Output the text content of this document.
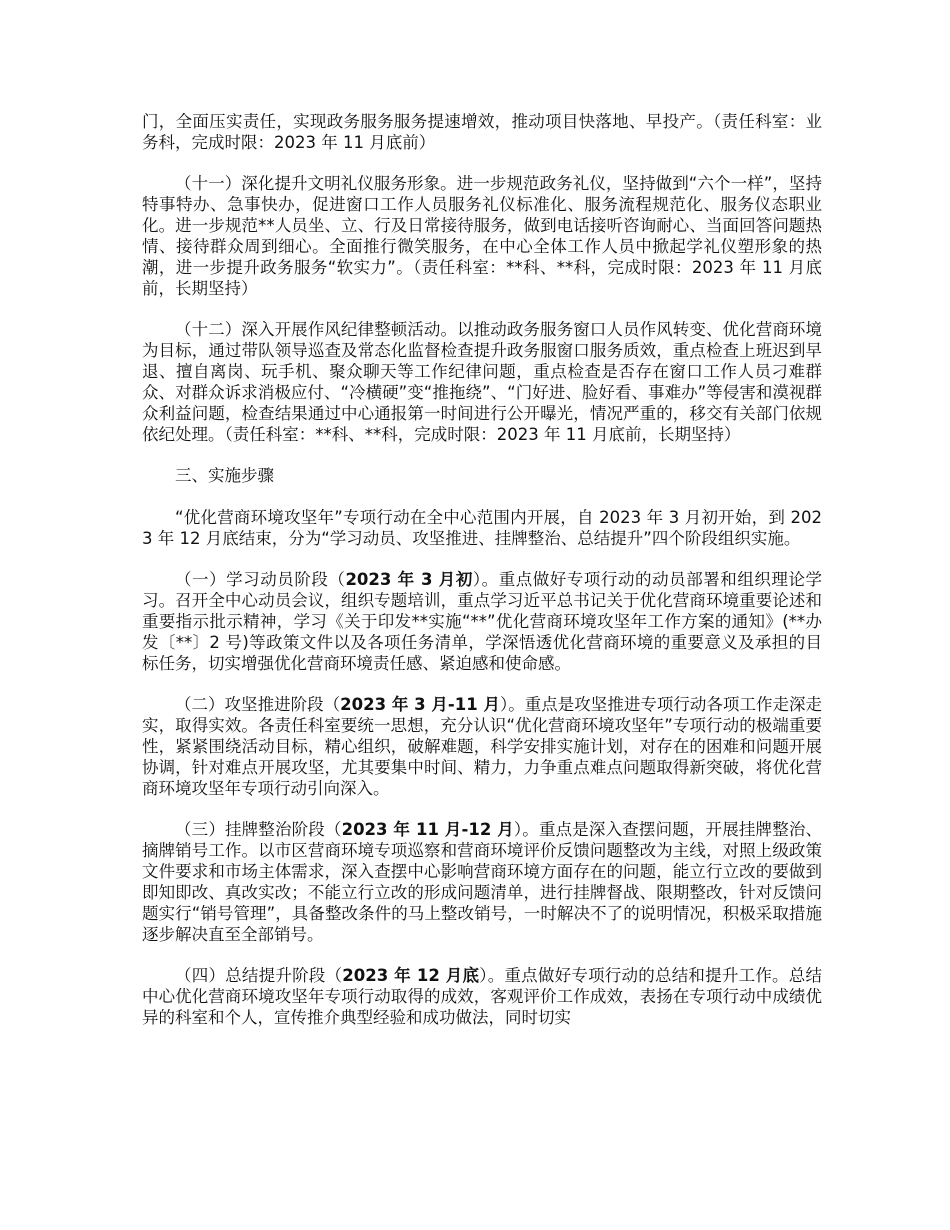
门，全面压实责任，实现政务服务服务提速增效，推动项目快落地、早投产。（责任科室：业务科，完成时限：2023 年 11 月底前）

（十一）深化提升文明礼仪服务形象。进一步规范政务礼仪，坚持做到“六个一样”，坚持特事特办、急事快办，促进窗口工作人员服务礼仪标准化、服务流程规范化、服务仪态职业化。进一步规范**人员坐、立、行及日常接待服务，做到电话接听咨询耐心、当面回答问题热情、接待群众周到细心。全面推行微笑服务，在中心全体工作人员中掀起学礼仪塑形象的热潮，进一步提升政务服务“软实力”。（责任科室：**科、**科，完成时限：2023 年 11 月底前，长期坚持）

（十二）深入开展作风纪律整顿活动。以推动政务服务窗口人员作风转变、优化营商环境为目标，通过带队领导巡查及常态化监督检查提升政务服窗口服务质效，重点检查上班迟到早退、擅自离岗、玩手机、聚众聊天等工作纪律问题，重点检查是否存在窗口工作人员刁难群众、对群众诉求消极应付、“冷横硬”变“推拖绕”、“门好进、脸好看、事难办”等侵害和漠视群众利益问题，检查结果通过中心通报第一时间进行公开曝光，情况严重的，移交有关部门依规依纪处理。（责任科室：**科、**科，完成时限：2023 年 11 月底前，长期坚持）

三、实施步骤

“优化营商环境攻坚年”专项行动在全中心范围内开展，自 2023 年 3 月初开始，到 2023 年 12 月底结束，分为“学习动员、攻坚推进、挂牌整治、总结提升”四个阶段组织实施。

（一）学习动员阶段（2023 年 3 月初）。重点做好专项行动的动员部署和组织理论学习。召开全中心动员会议，组织专题培训，重点学习近平总书记关于优化营商环境重要论述和重要指示批示精神，学习《关于印发**实施“**”优化营商环境攻坚年工作方案的通知》(**办发〔**〕2 号)等政策文件以及各项任务清单，学深悟透优化营商环境的重要意义及承担的目标任务，切实增强优化营商环境责任感、紧迫感和使命感。

（二）攻坚推进阶段（2023 年 3 月-11 月）。重点是攻坚推进专项行动各项工作走深走实，取得实效。各责任科室要统一思想，充分认识“优化营商环境攻坚年”专项行动的极端重要性，紧紧围绕活动目标，精心组织，破解难题，科学安排实施计划，对存在的困难和问题开展协调，针对难点开展攻坚，尤其要集中时间、精力，力争重点难点问题取得新突破，将优化营商环境攻坚年专项行动引向深入。

（三）挂牌整治阶段（2023 年 11 月-12 月）。重点是深入查摆问题，开展挂牌整治、摘牌销号工作。以市区营商环境专项巡察和营商环境评价反馈问题整改为主线，对照上级政策文件要求和市场主体需求，深入查摆中心影响营商环境方面存在的问题，能立行立改的要做到即知即改、真改实改；不能立行立改的形成问题清单，进行挂牌督战、限期整改，针对反馈问题实行“销号管理”，具备整改条件的马上整改销号，一时解决不了的说明情况，积极采取措施逐步解决直至全部销号。

（四）总结提升阶段（2023 年 12 月底）。重点做好专项行动的总结和提升工作。总结中心优化营商环境攻坚年专项行动取得的成效，客观评价工作成效，表扬在专项行动中成绩优异的科室和个人，宣传推介典型经验和成功做法，同时切实
